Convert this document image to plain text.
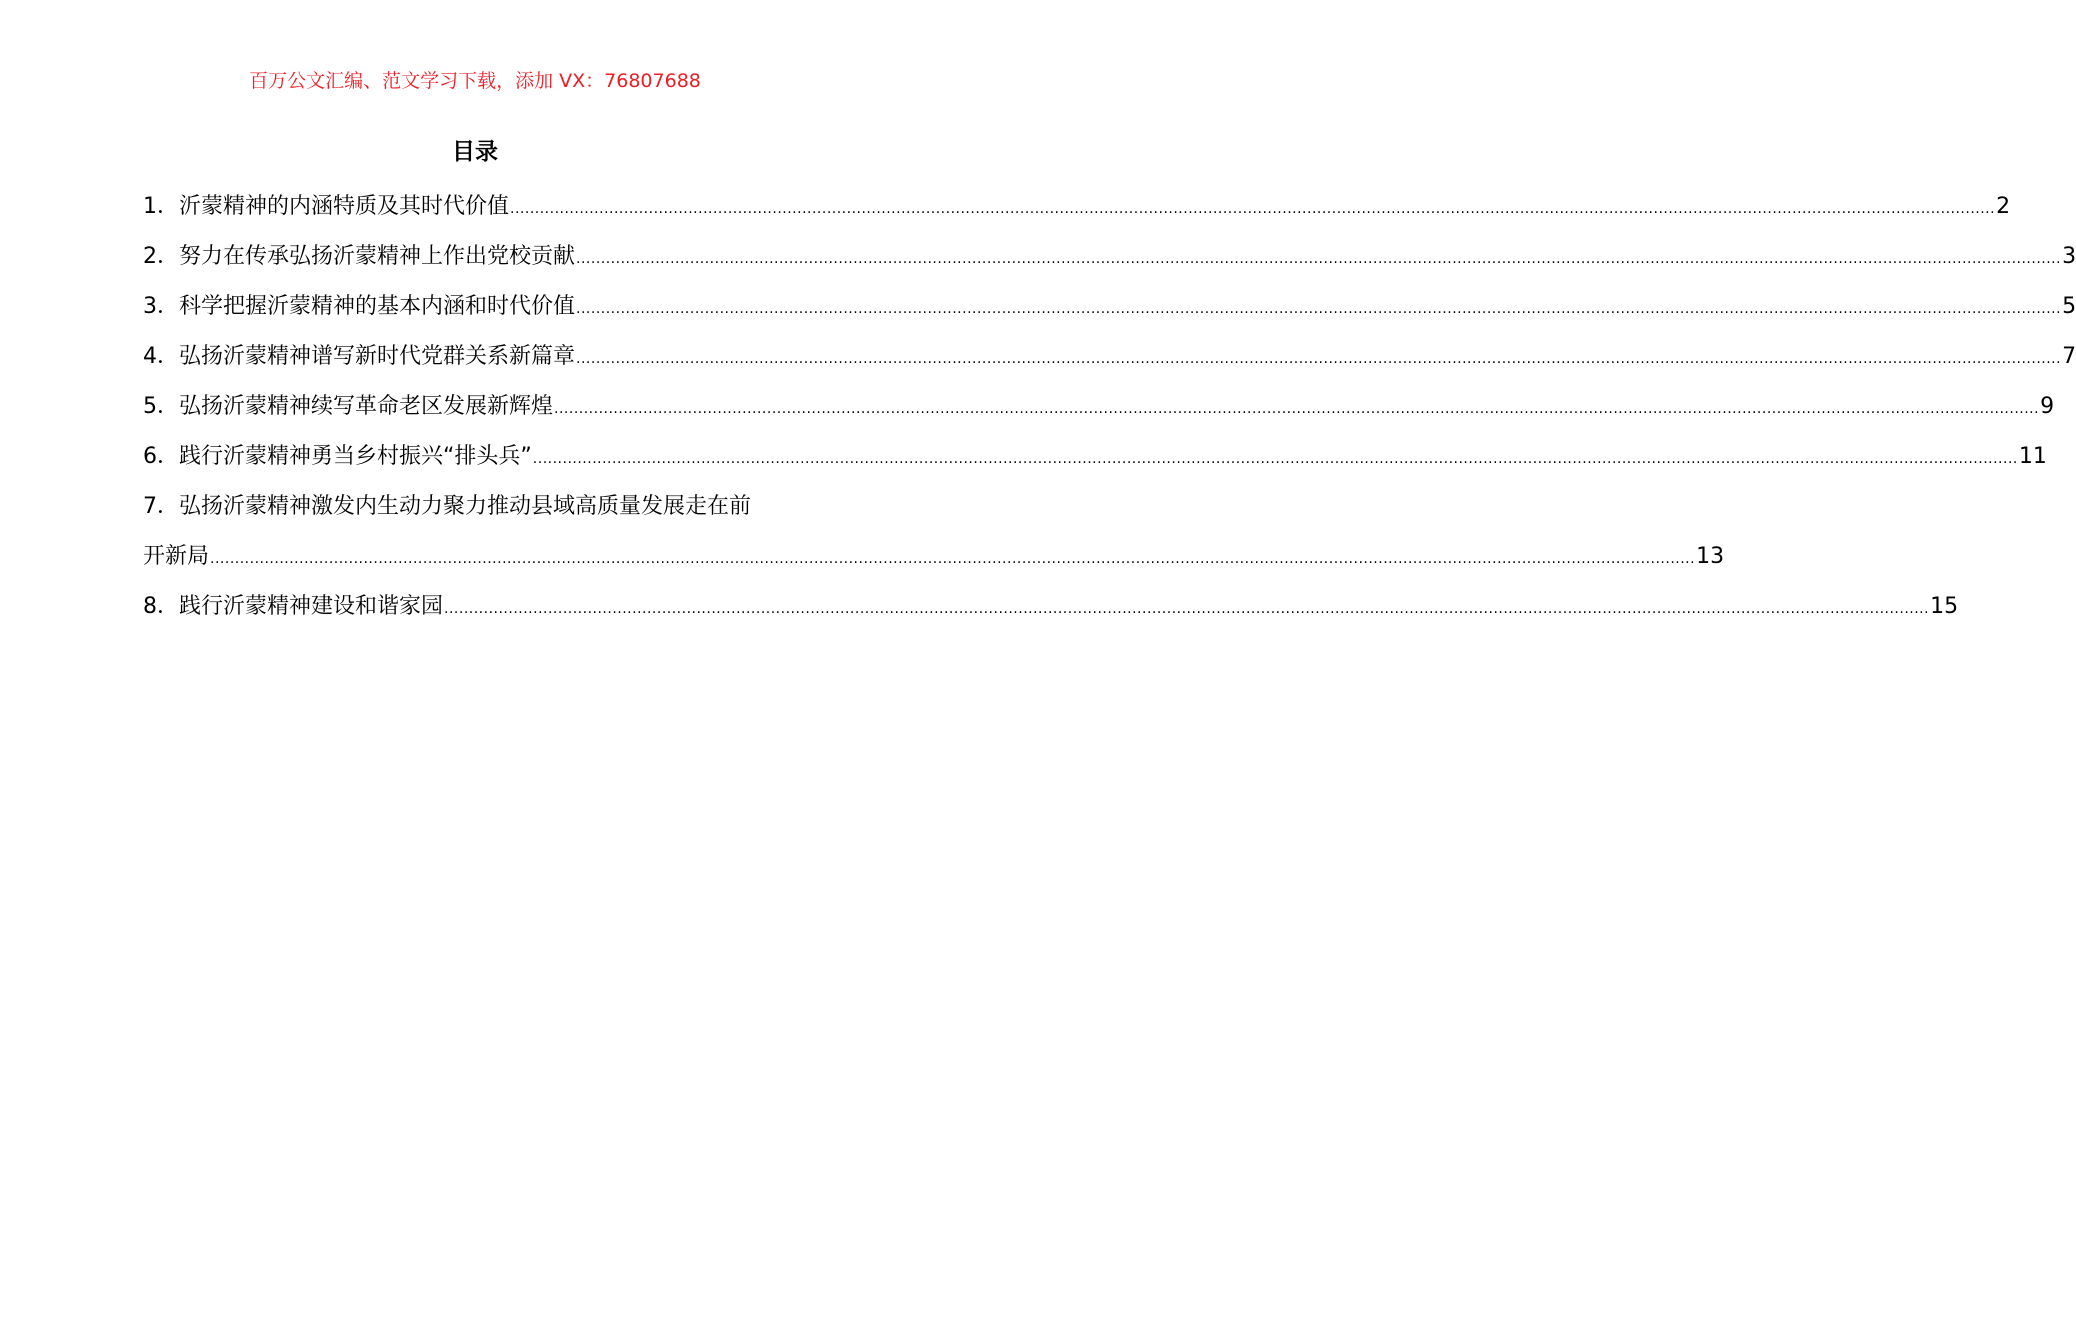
百万公文汇编、范文学习下载，添加 VX：76807688
目录
1．沂蒙精神的内涵特质及其时代价值 ............................................................................................................................................................................................................................................................................................................ 2
2．努力在传承弘扬沂蒙精神上作出党校贡献 ............................................................................................................................................................................................................................................................................................................ 3
3．科学把握沂蒙精神的基本内涵和时代价值 ............................................................................................................................................................................................................................................................................................................ 5
4．弘扬沂蒙精神谱写新时代党群关系新篇章 ............................................................................................................................................................................................................................................................................................................ 7
5．弘扬沂蒙精神续写革命老区发展新辉煌 ............................................................................................................................................................................................................................................................................................................ 9
6．践行沂蒙精神勇当乡村振兴“排头兵” ............................................................................................................................................................................................................................................................................................................ 11
7．弘扬沂蒙精神激发内生动力聚力推动县域高质量发展走在前
开新局 ............................................................................................................................................................................................................................................................................................................ 13
8．践行沂蒙精神建设和谐家园 ............................................................................................................................................................................................................................................................................................................ 15
